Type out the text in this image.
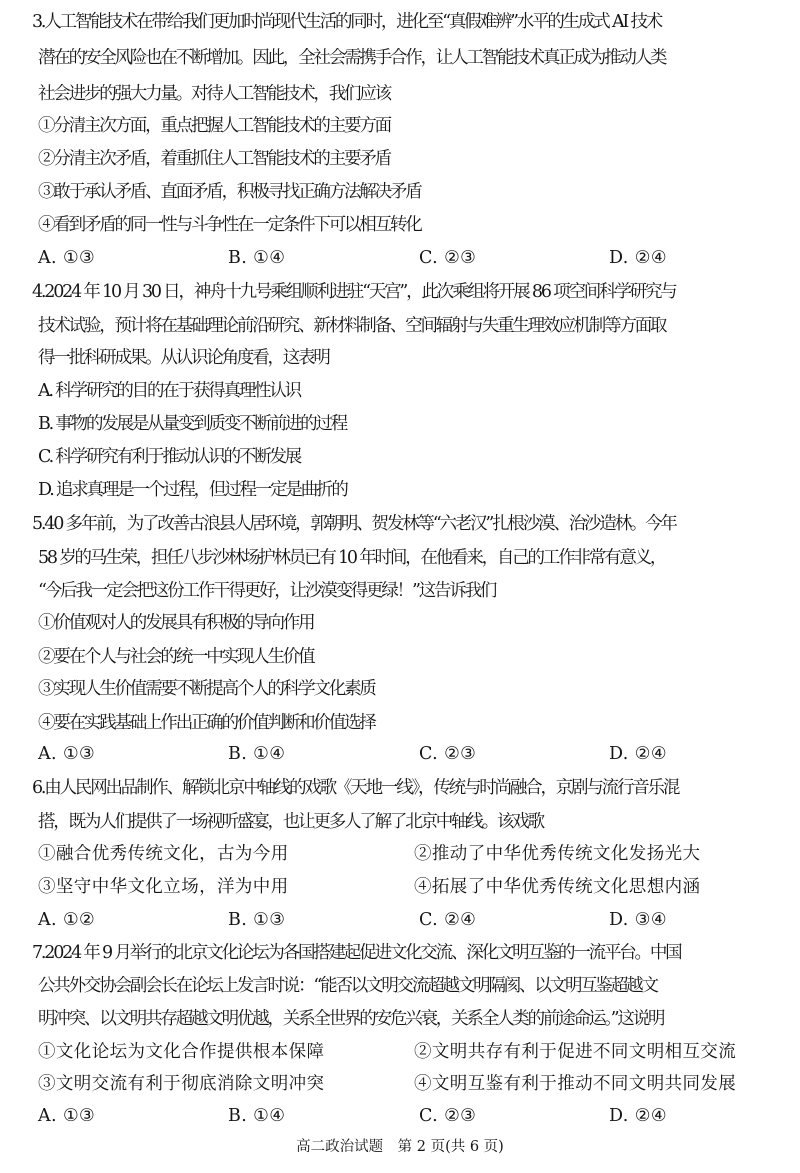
3.人工智能技术在带给我们更加时尚现代生活的同时，进化至“真假难辨”水平的生成式 AI 技术
潜在的安全风险也在不断增加。因此，全社会需携手合作，让人工智能技术真正成为推动人类
社会进步的强大力量。对待人工智能技术，我们应该
①分清主次方面，重点把握人工智能技术的主要方面
②分清主次矛盾，着重抓住人工智能技术的主要矛盾
③敢于承认矛盾、直面矛盾，积极寻找正确方法解决矛盾
④看到矛盾的同一性与斗争性在一定条件下可以相互转化
A. ①③	B. ①④	C. ②③	D. ②④
4.2024 年 10 月 30 日，神舟十九号乘组顺利进驻“天宫”，此次乘组将开展 86 项空间科学研究与
技术试验，预计将在基础理论前沿研究、新材料制备、空间辐射与失重生理效应机制等方面取
得一批科研成果。从认识论角度看，这表明
A. 科学研究的目的在于获得真理性认识
B. 事物的发展是从量变到质变不断前进的过程
C. 科学研究有利于推动认识的不断发展
D. 追求真理是一个过程，但过程一定是曲折的
5.40 多年前，为了改善古浪县人居环境，郭朝明、贺发林等“六老汉”扎根沙漠、治沙造林。今年
58 岁的马生荣，担任八步沙林场护林员已有 10 年时间，在他看来，自己的工作非常有意义，
“今后我一定会把这份工作干得更好，让沙漠变得更绿！”这告诉我们
①价值观对人的发展具有积极的导向作用
②要在个人与社会的统一中实现人生价值
③实现人生价值需要不断提高个人的科学文化素质
④要在实践基础上作出正确的价值判断和价值选择
A. ①③	B. ①④	C. ②③	D. ②④
6.由人民网出品制作、解锁北京中轴线的戏歌《天地一线》，传统与时尚融合，京剧与流行音乐混
搭，既为人们提供了一场视听盛宴，也让更多人了解了北京中轴线。该戏歌
①融合优秀传统文化，古为今用	②推动了中华优秀传统文化发扬光大
③坚守中华文化立场，洋为中用	④拓展了中华优秀传统文化思想内涵
A. ①②	B. ①③	C. ②④	D. ③④
7.2024 年 9 月举行的北京文化论坛为各国搭建起促进文化交流、深化文明互鉴的一流平台。中国
公共外交协会副会长在论坛上发言时说：“能否以文明交流超越文明隔阂、以文明互鉴超越文
明冲突、以文明共存超越文明优越，关系全世界的安危兴衰，关系全人类的前途命运。”这说明
①文化论坛为文化合作提供根本保障	②文明共存有利于促进不同文明相互交流
③文明交流有利于彻底消除文明冲突	④文明互鉴有利于推动不同文明共同发展
A. ①③	B. ①④	C. ②③	D. ②④
高二政治试题　第 2 页(共 6 页)
